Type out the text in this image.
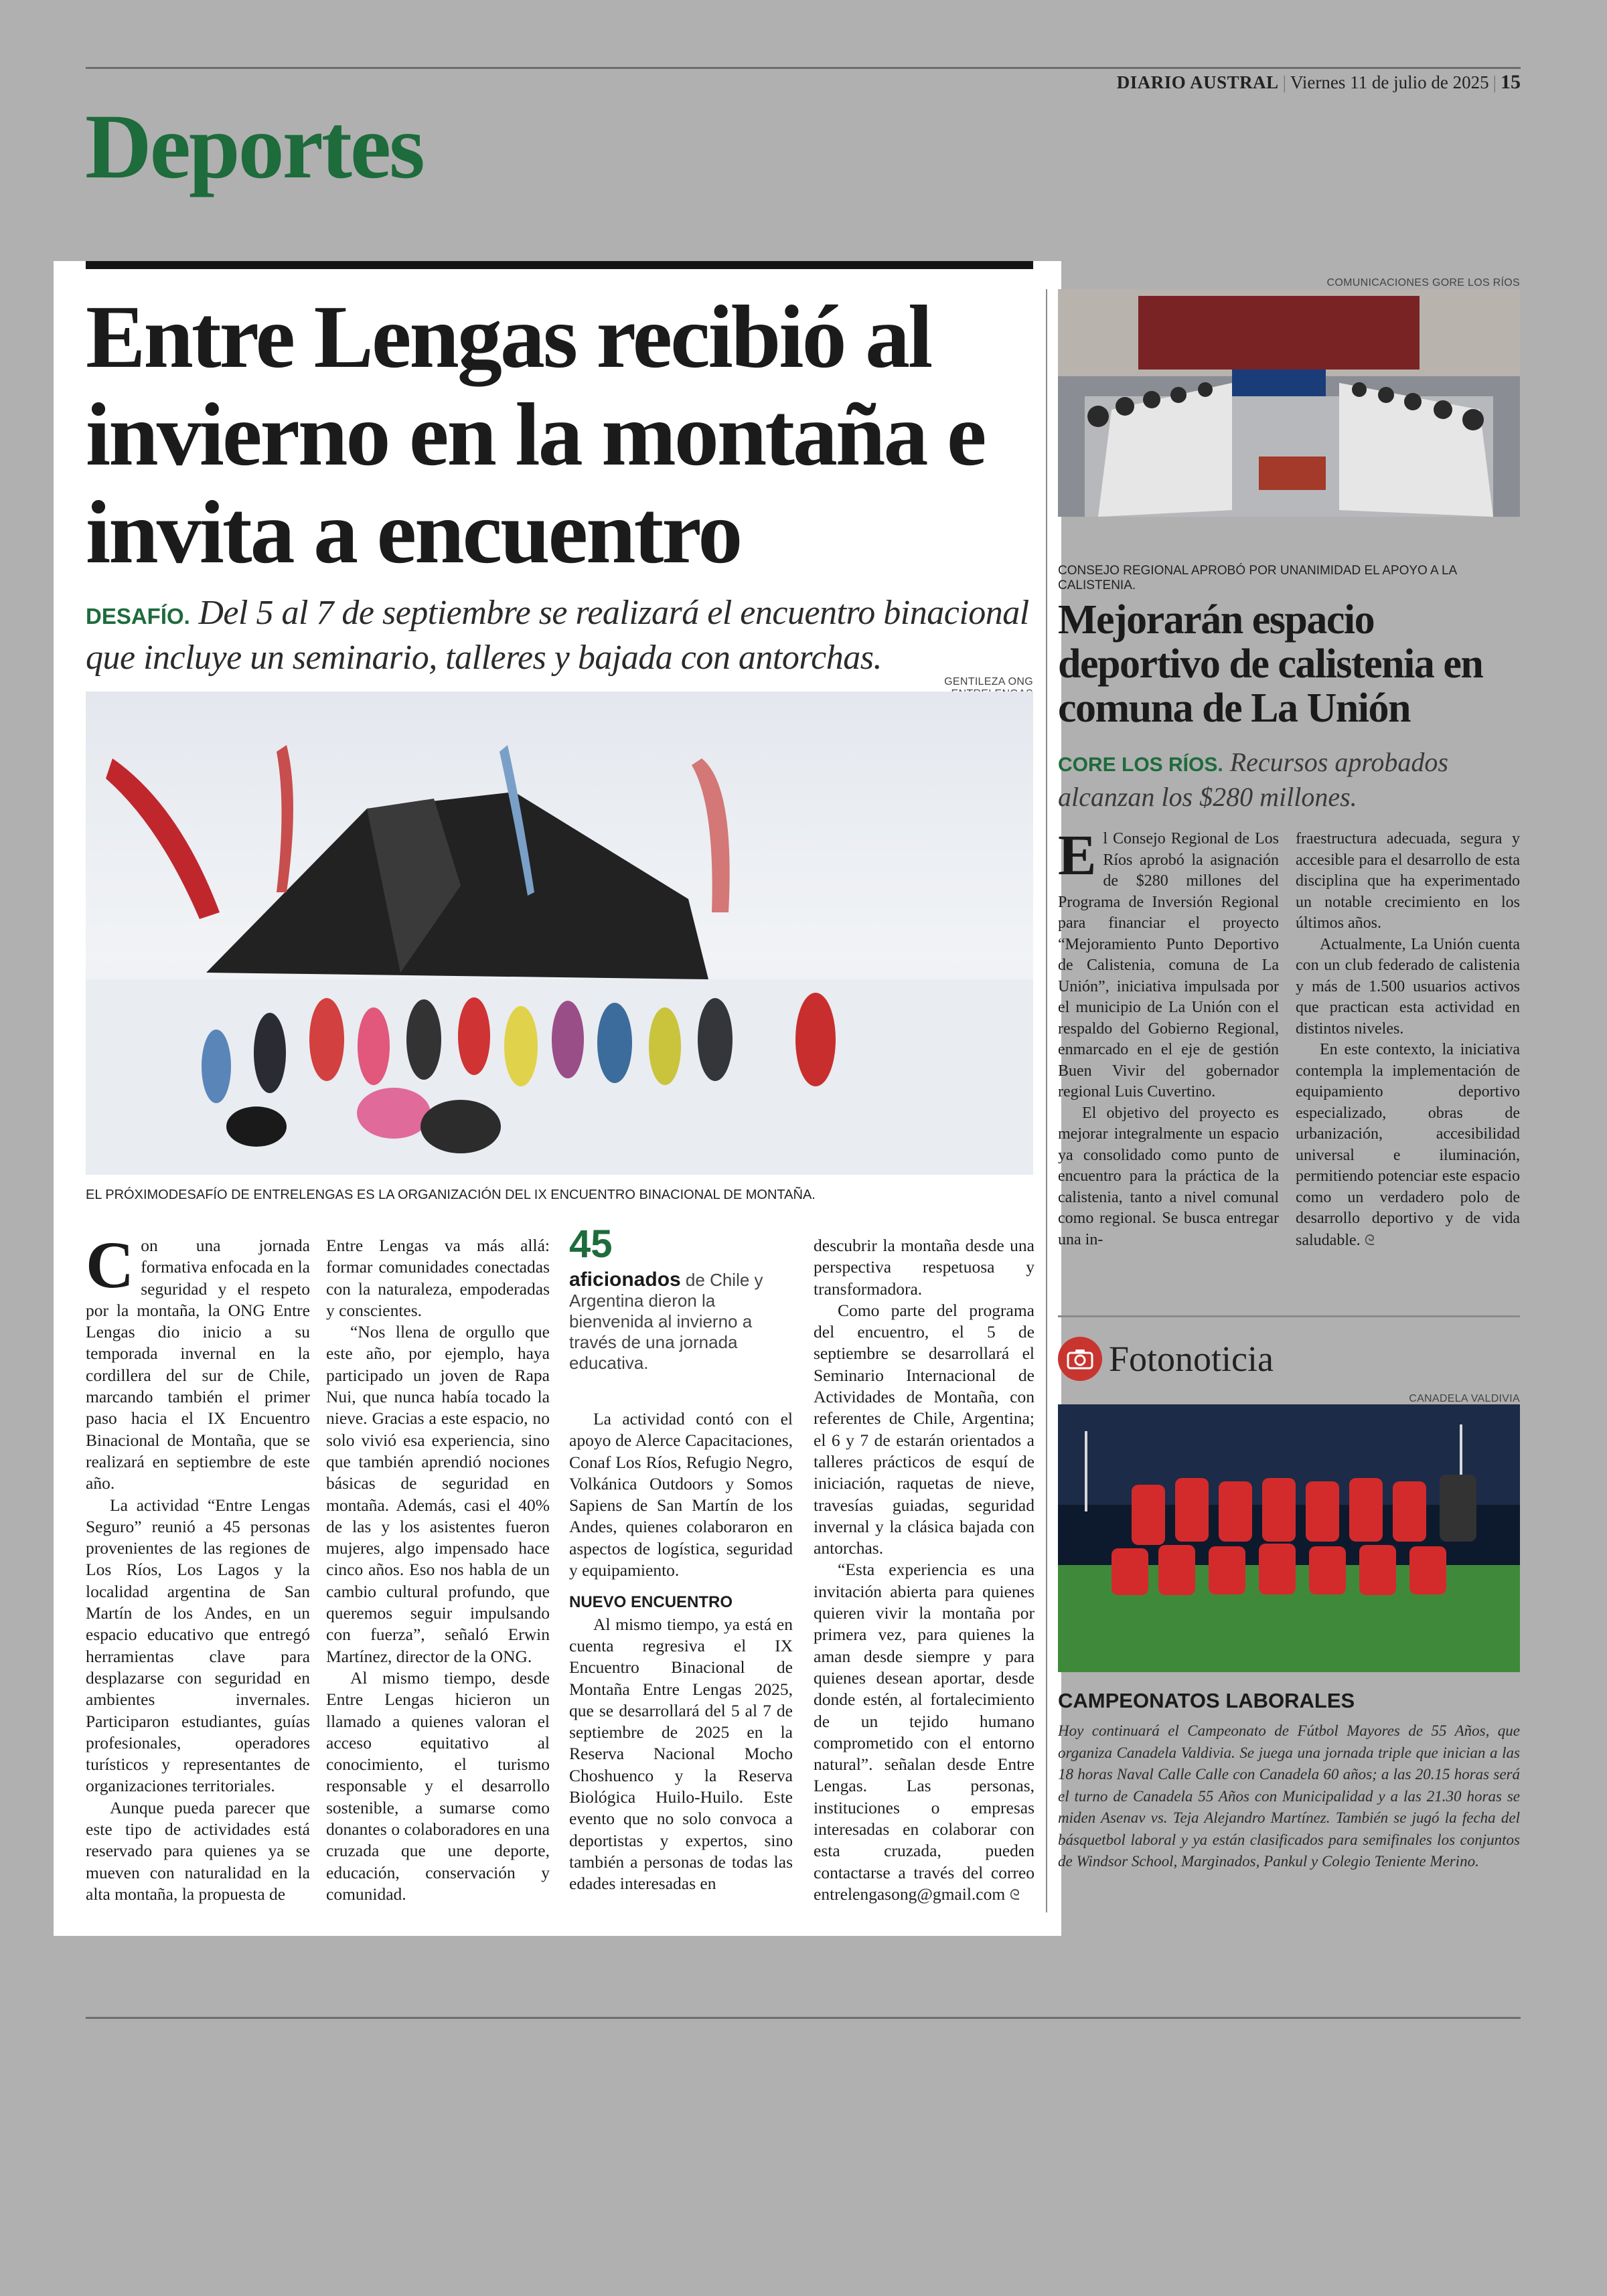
DIARIO AUSTRAL | Viernes 11 de julio de 2025 | 15
Deportes
Entre Lengas recibió al invierno en la montaña e invita a encuentro
DESAFÍO. Del 5 al 7 de septiembre se realizará el encuentro binacional que incluye un seminario, talleres y bajada con antorchas.
GENTILEZA ONG
EL PRÓXIMODESAFÍO DE ENTRELENGAS ES LA ORGANIZACIÓN DEL IX ENCUENTRO BINACIONAL DE MONTAÑA.

Con una jornada formativa enfocada en la seguridad y el respeto por la montaña, la ONG Entre Lengas dio inicio a su temporada invernal en la cordillera del sur de Chile, marcando también el primer paso hacia el IX Encuentro Binacional de Montaña, que se realizará en septiembre de este año.

La actividad “Entre Lengas Seguro” reunió a 45 personas provenientes de las regiones de Los Ríos, Los Lagos y la localidad argentina de San Martín de los Andes, en un espacio educativo que entregó herramientas clave para desplazarse con seguridad en ambientes invernales. Participaron estudiantes, guías profesionales, operadores turísticos y representantes de organizaciones territoriales.

Aunque pueda parecer que este tipo de actividades está reservado para quienes ya se mueven con naturalidad en la alta montaña, la propuesta de

Entre Lengas va más allá: formar comunidades conectadas con la naturaleza, empoderadas y conscientes.

“Nos llena de orgullo que este año, por ejemplo, haya participado un joven de Rapa Nui, que nunca había tocado la nieve. Gracias a este espacio, no solo vivió esa experiencia, sino que también aprendió nociones básicas de seguridad en montaña. Además, casi el 40% de las y los asistentes fueron mujeres, algo impensado hace cinco años. Eso nos habla de un cambio cultural profundo, que queremos seguir impulsando con fuerza”, señaló Erwin Martínez, director de la ONG.

Al mismo tiempo, desde Entre Lengas hicieron un llamado a quienes valoran el acceso equitativo al conocimiento, el turismo responsable y el desarrollo sostenible, a sumarse como donantes o colaboradores en una cruzada que une deporte, educación, conservación y comunidad.

45
aficionados de Chile y Argentina dieron la bienvenida al invierno a través de una jornada educativa.

La actividad contó con el apoyo de Alerce Capacitaciones, Conaf Los Ríos, Refugio Negro, Volkánica Outdoors y Somos Sapiens de San Martín de los Andes, quienes colaboraron en aspectos de logística, seguridad y equipamiento.

NUEVO ENCUENTRO

Al mismo tiempo, ya está en cuenta regresiva el IX Encuentro Binacional de Montaña Entre Lengas 2025, que se desarrollará del 5 al 7 de septiembre de 2025 en la Reserva Nacional Mocho Choshuenco y la Reserva Biológica Huilo-Huilo. Este evento que no solo convoca a deportistas y expertos, sino también a personas de todas las edades interesadas en

descubrir la montaña desde una perspectiva respetuosa y transformadora.

Como parte del programa del encuentro, el 5 de septiembre se desarrollará el Seminario Internacional de Actividades de Montaña, con referentes de Chile, Argentina; el 6 y 7 de estarán orientados a talleres prácticos de esquí de iniciación, raquetas de nieve, travesías guiadas, seguridad invernal y la clásica bajada con antorchas.

“Esta experiencia es una invitación abierta para quienes quieren vivir la montaña por primera vez, para quienes la aman desde siempre y para quienes desean aportar, desde donde estén, al fortalecimiento de un tejido humano comprometido con el entorno natural”. señalan desde Entre Lengas. Las personas, instituciones o empresas interesadas en colaborar con esta cruzada, pueden contactarse a través del correo entrelengasong@gmail.com ᘓ

COMUNICACIONES GORE LOS RÍOS
CONSEJO REGIONAL APROBÓ POR UNANIMIDAD EL APOYO A LA CALISTENIA.
Mejorarán espacio deportivo de calistenia en comuna de La Unión
CORE LOS RÍOS. Recursos aprobados alcanzan los $280 millones.

El Consejo Regional de Los Ríos aprobó la asignación de $280 millones del Programa de Inversión Regional para financiar el proyecto “Mejoramiento Punto Deportivo de Calistenia, comuna de La Unión”, iniciativa impulsada por el municipio de La Unión con el respaldo del Gobierno Regional, enmarcado en el eje de gestión Buen Vivir del gobernador regional Luis Cuvertino.

El objetivo del proyecto es mejorar integralmente un espacio ya consolidado como punto de encuentro para la práctica de la calistenia, tanto a nivel comunal como regional. Se busca entregar una in-

fraestructura adecuada, segura y accesible para el desarrollo de esta disciplina que ha experimentado un notable crecimiento en los últimos años.

Actualmente, La Unión cuenta con un club federado de calistenia y más de 1.500 usuarios activos que practican esta actividad en distintos niveles.

En este contexto, la iniciativa contempla la implementación de equipamiento deportivo especializado, obras de urbanización, accesibilidad universal e iluminación, permitiendo potenciar este espacio como un verdadero polo de desarrollo deportivo y de vida saludable. ᘓ

Fotonoticia
CANADELA VALDIVIA
CAMPEONATOS LABORALES
Hoy continuará el Campeonato de Fútbol Mayores de 55 Años, que organiza Canadela Valdivia. Se juega una jornada triple que inician a las 18 horas Naval Calle Calle con Canadela 60 años; a las 20.15 horas será el turno de Canadela 55 Años con Municipalidad y a las 21.30 horas se miden Asenav vs. Teja Alejandro Martínez. También se jugó la fecha del básquetbol laboral y ya están clasificados para semifinales los conjuntos de Windsor School, Marginados, Pankul y Colegio Teniente Merino.
